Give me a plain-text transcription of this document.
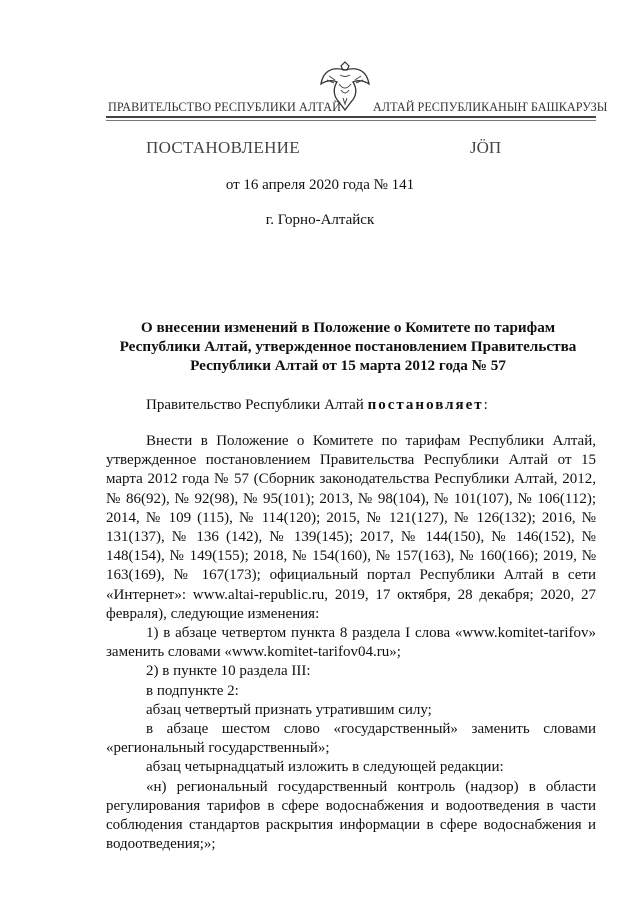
ПРАВИТЕЛЬСТВО РЕСПУБЛИКИ АЛТАЙ	АЛТАЙ РЕСПУБЛИКАНЫҤ БАШКАРУЗЫ
ПОСТАНОВЛЕНИЕ	ЈӦП
от 16 апреля 2020 года № 141
г. Горно-Алтайск
О внесении изменений в Положение о Комитете по тарифам
Республики Алтай, утвержденное постановлением Правительства
Республики Алтай от 15 марта 2012 года № 57
Правительство Республики Алтай постановляет:

Внести в Положение о Комитете по тарифам Республики Алтай, утвержденное постановлением Правительства Республики Алтай от 15 марта 2012 года № 57 (Сборник законодательства Республики Алтай, 2012, № 86(92), № 92(98), № 95(101); 2013, № 98(104), № 101(107), № 106(112); 2014, № 109 (115), № 114(120); 2015, № 121(127), № 126(132); 2016, № 131(137), № 136 (142), № 139(145); 2017, № 144(150), № 146(152), № 148(154), № 149(155); 2018, № 154(160), № 157(163), № 160(166); 2019, № 163(169), № 167(173); официальный портал Республики Алтай в сети «Интернет»: www.altai-republic.ru, 2019, 17 октября, 28 декабря; 2020, 27 февраля), следующие изменения:

1) в абзаце четвертом пункта 8 раздела I слова «www.komitet-tarifov» заменить словами «www.komitet-tarifov04.ru»;

2) в пункте 10 раздела III:

в подпункте 2:

абзац четвертый признать утратившим силу;

в абзаце шестом слово «государственный» заменить словами «региональный государственный»;

абзац четырнадцатый изложить в следующей редакции:

«н) региональный государственный контроль (надзор) в области регулирования тарифов в сфере водоснабжения и водоотведения в части соблюдения стандартов раскрытия информации в сфере водоснабжения и водоотведения;»;
